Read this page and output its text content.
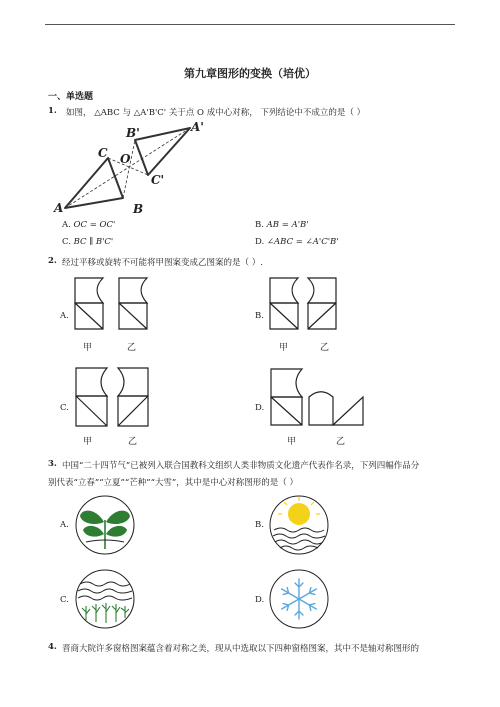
第九章图形的变换（培优）
一、单选题
1. 如图， △ABC 与 △A'B'C' 关于点 O 成中心对称， 下列结论中不成立的是（ ）
A
C O
B
B'	A'
C'
A. OC = OC'	B. AB = A'B'
C. BC ∥ B'C'	D. ∠ABC = ∠A'C'B'
2. 经过平移或旋转不可能将甲图案变成乙图案的是（ ）.
A.
甲	乙
B.
甲	乙
C.
甲	乙
D.
甲	乙
3. 中国“二十四节气”已被列入联合国教科文组织人类非物质文化遗产代表作名录，下列四幅作品分
别代表“立春”“立夏”“芒种”“大雪”，其中是中心对称图形的是（ ）
A.	B.
C.	D.
4. 晋商大院许多窗格图案蕴含着对称之美，现从中选取以下四种窗格图案，其中不是轴对称图形的
